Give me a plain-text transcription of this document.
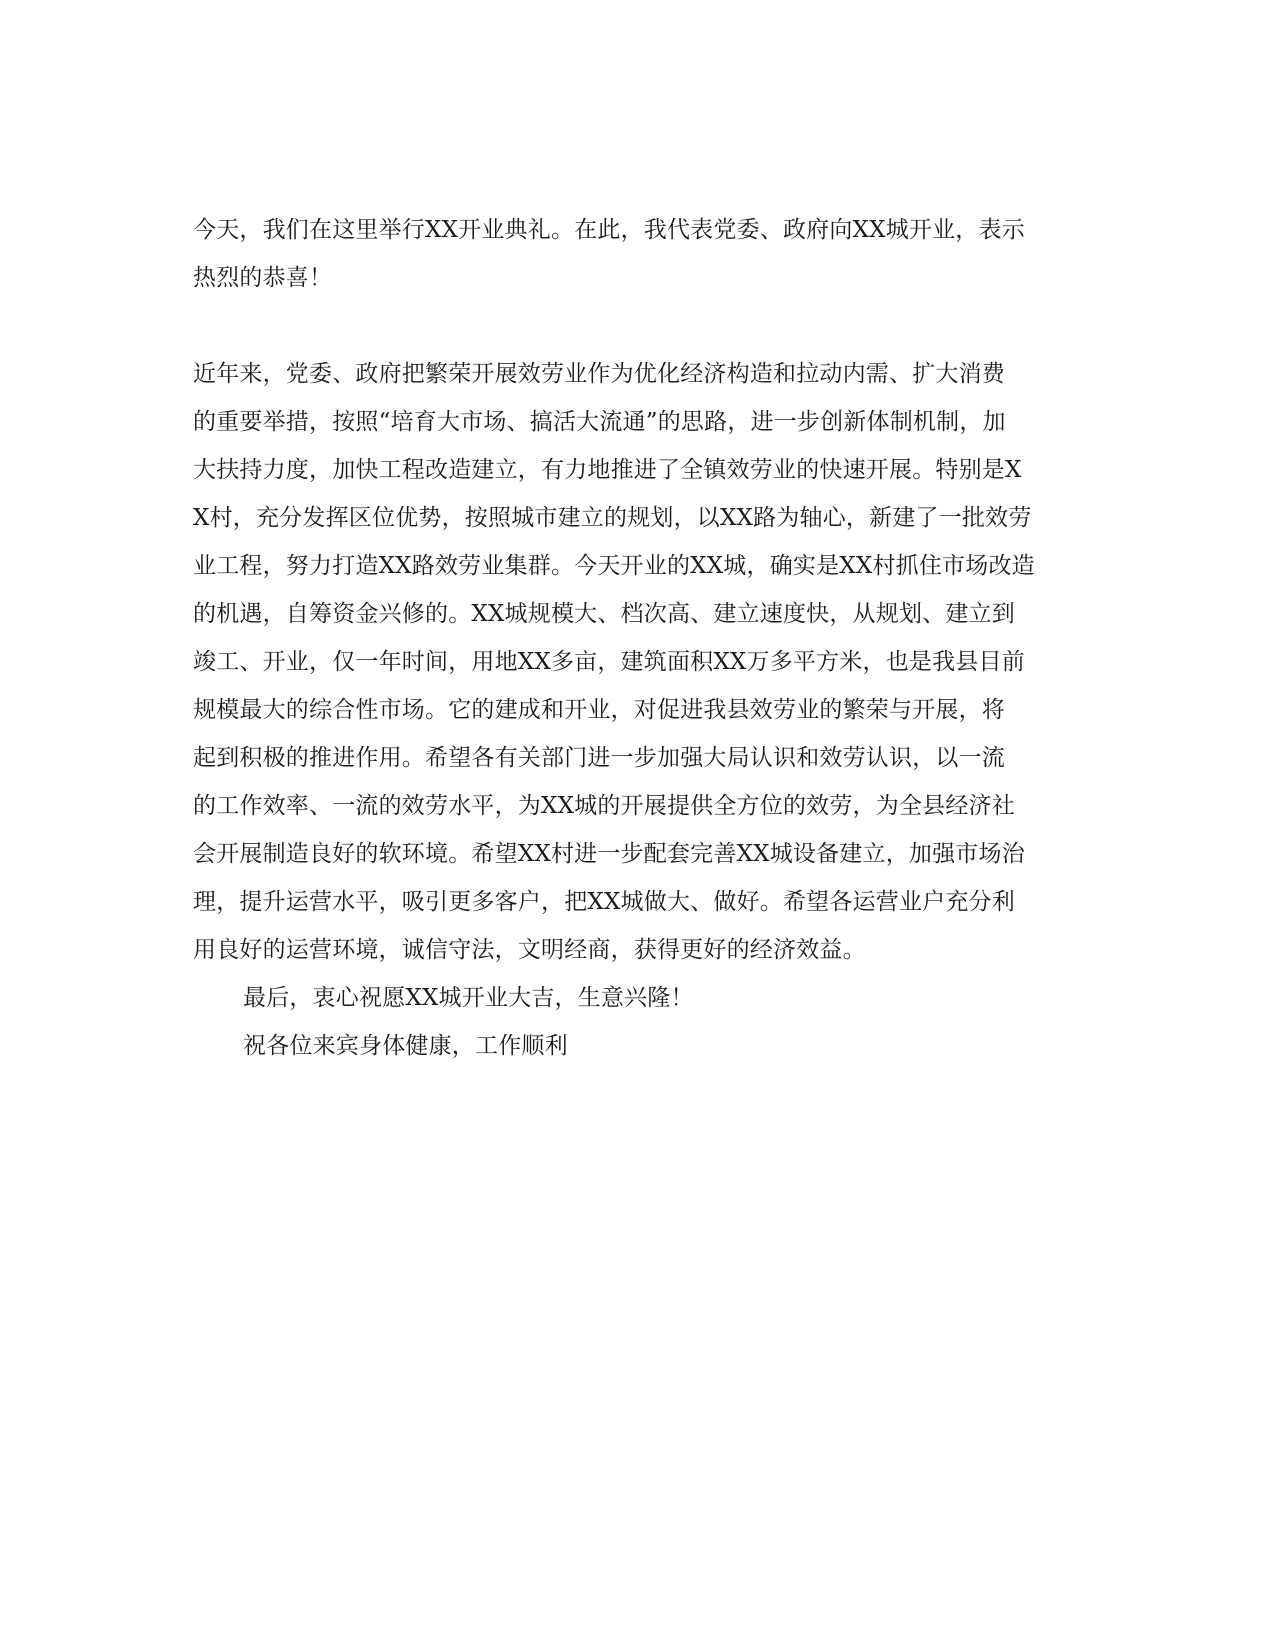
今天，我们在这里举行XX开业典礼。在此，我代表党委、政府向XX城开业，表示
热烈的恭喜！
近年来，党委、政府把繁荣开展效劳业作为优化经济构造和拉动内需、扩大消费
的重要举措，按照“培育大市场、搞活大流通”的思路，进一步创新体制机制，加
大扶持力度，加快工程改造建立，有力地推进了全镇效劳业的快速开展。特别是X
X村，充分发挥区位优势，按照城市建立的规划，以XX路为轴心，新建了一批效劳
业工程，努力打造XX路效劳业集群。今天开业的XX城，确实是XX村抓住市场改造
的机遇，自筹资金兴修的。XX城规模大、档次高、建立速度快，从规划、建立到
竣工、开业，仅一年时间，用地XX多亩，建筑面积XX万多平方米，也是我县目前
规模最大的综合性市场。它的建成和开业，对促进我县效劳业的繁荣与开展，将
起到积极的推进作用。希望各有关部门进一步加强大局认识和效劳认识，以一流
的工作效率、一流的效劳水平，为XX城的开展提供全方位的效劳，为全县经济社
会开展制造良好的软环境。希望XX村进一步配套完善XX城设备建立，加强市场治
理，提升运营水平，吸引更多客户，把XX城做大、做好。希望各运营业户充分利
用良好的运营环境，诚信守法，文明经商，获得更好的经济效益。
最后，衷心祝愿XX城开业大吉，生意兴隆！
祝各位来宾身体健康，工作顺利
